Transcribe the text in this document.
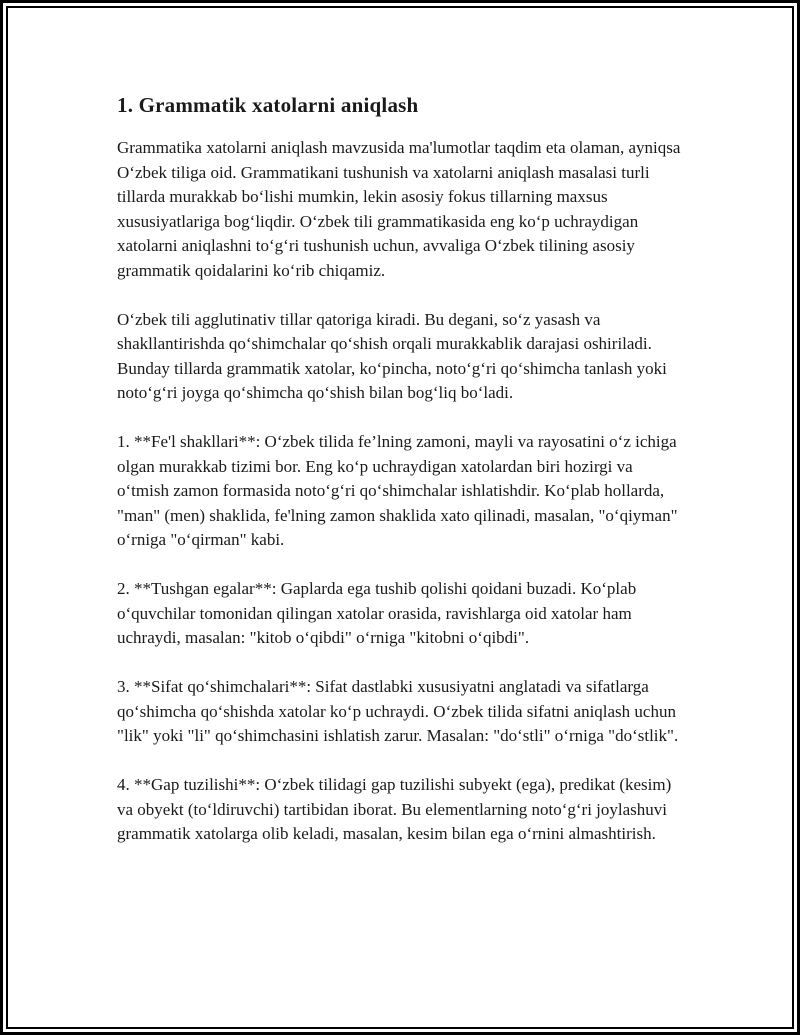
1. Grammatik xatolarni aniqlash

Grammatika xatolarni aniqlash mavzusida ma'lumotlar taqdim eta olaman, ayniqsa O‘zbek tiliga oid. Grammatikani tushunish va xatolarni aniqlash masalasi turli tillarda murakkab bo‘lishi mumkin, lekin asosiy fokus tillarning maxsus xususiyatlariga bog‘liqdir. O‘zbek tili grammatikasida eng ko‘p uchraydigan xatolarni aniqlashni to‘g‘ri tushunish uchun, avvaliga O‘zbek tilining asosiy grammatik qoidalarini ko‘rib chiqamiz.

O‘zbek tili agglutinativ tillar qatoriga kiradi. Bu degani, so‘z yasash va shakllantirishda qo‘shimchalar qo‘shish orqali murakkablik darajasi oshiriladi. Bunday tillarda grammatik xatolar, ko‘pincha, noto‘g‘ri qo‘shimcha tanlash yoki noto‘g‘ri joyga qo‘shimcha qo‘shish bilan bog‘liq bo‘ladi.

1. **Fe'l shakllari**: O‘zbek tilida fe’lning zamoni, mayli va rayosatini o‘z ichiga olgan murakkab tizimi bor. Eng ko‘p uchraydigan xatolardan biri hozirgi va o‘tmish zamon formasida noto‘g‘ri qo‘shimchalar ishlatishdir. Ko‘plab hollarda, "man" (men) shaklida, fe'lning zamon shaklida xato qilinadi, masalan, "o‘qiyman" o‘rniga "o‘qirman" kabi.

2. **Tushgan egalar**: Gaplarda ega tushib qolishi qoidani buzadi. Ko‘plab o‘quvchilar tomonidan qilingan xatolar orasida, ravishlarga oid xatolar ham uchraydi, masalan: "kitob o‘qibdi" o‘rniga "kitobni o‘qibdi".

3. **Sifat qo‘shimchalari**: Sifat dastlabki xususiyatni anglatadi va sifatlarga qo‘shimcha qo‘shishda xatolar ko‘p uchraydi. O‘zbek tilida sifatni aniqlash uchun "lik" yoki "li" qo‘shimchasini ishlatish zarur. Masalan: "do‘stli" o‘rniga "do‘stlik".

4. **Gap tuzilishi**: O‘zbek tilidagi gap tuzilishi subyekt (ega), predikat (kesim) va obyekt (to‘ldiruvchi) tartibidan iborat. Bu elementlarning noto‘g‘ri joylashuvi grammatik xatolarga olib keladi, masalan, kesim bilan ega o‘rnini almashtirish.
